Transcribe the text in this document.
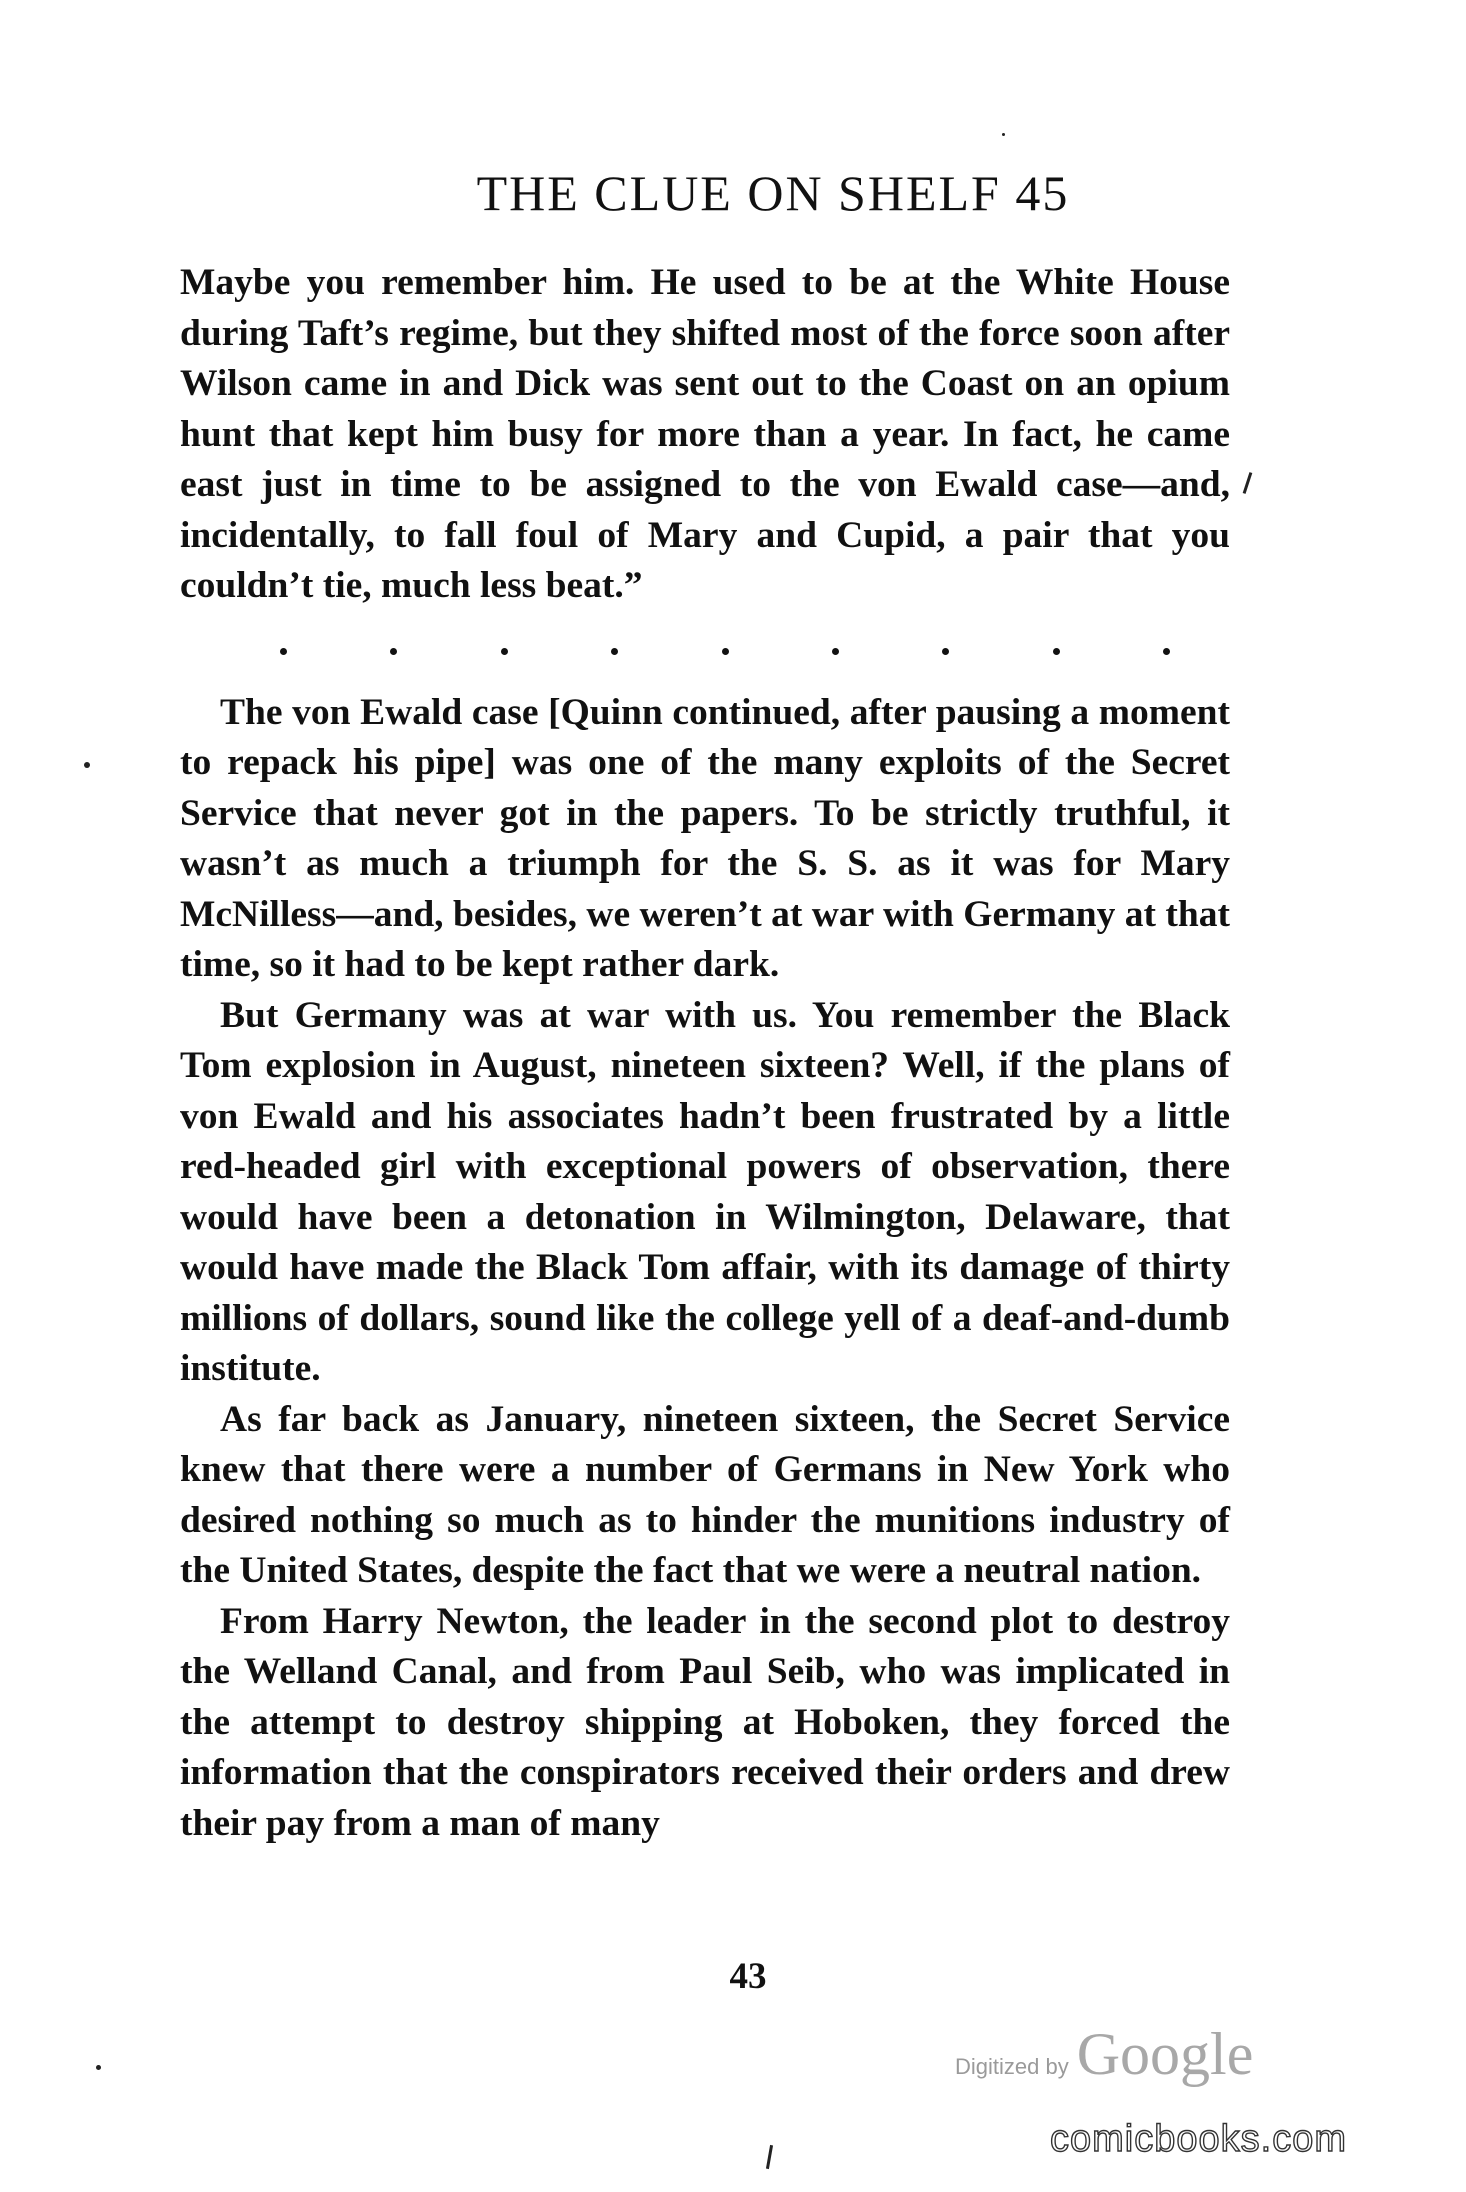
THE CLUE ON SHELF 45

Maybe you remember him. He used to be at the White House during Taft’s regime, but they shifted most of the force soon after Wilson came in and Dick was sent out to the Coast on an opium hunt that kept him busy for more than a year. In fact, he came east just in time to be assigned to the von Ewald case—and, incidentally, to fall foul of Mary and Cupid, a pair that you couldn’t tie, much less beat.”

The von Ewald case [Quinn continued, after pausing a moment to repack his pipe] was one of the many exploits of the Secret Service that never got in the papers. To be strictly truthful, it wasn’t as much a triumph for the S. S. as it was for Mary McNilless—and, besides, we weren’t at war with Germany at that time, so it had to be kept rather dark.

But Germany was at war with us. You remember the Black Tom explosion in August, nineteen sixteen? Well, if the plans of von Ewald and his associates hadn’t been frustrated by a little red-headed girl with exceptional powers of observation, there would have been a detonation in Wilmington, Delaware, that would have made the Black Tom affair, with its damage of thirty millions of dollars, sound like the college yell of a deaf-and-dumb institute.

As far back as January, nineteen sixteen, the Secret Service knew that there were a number of Germans in New York who desired nothing so much as to hinder the munitions industry of the United States, despite the fact that we were a neutral nation.

From Harry Newton, the leader in the second plot to destroy the Welland Canal, and from Paul Seib, who was implicated in the attempt to destroy shipping at Hoboken, they forced the information that the conspirators received their orders and drew their pay from a man of many

43
Digitized by Google
comicbooks.com
